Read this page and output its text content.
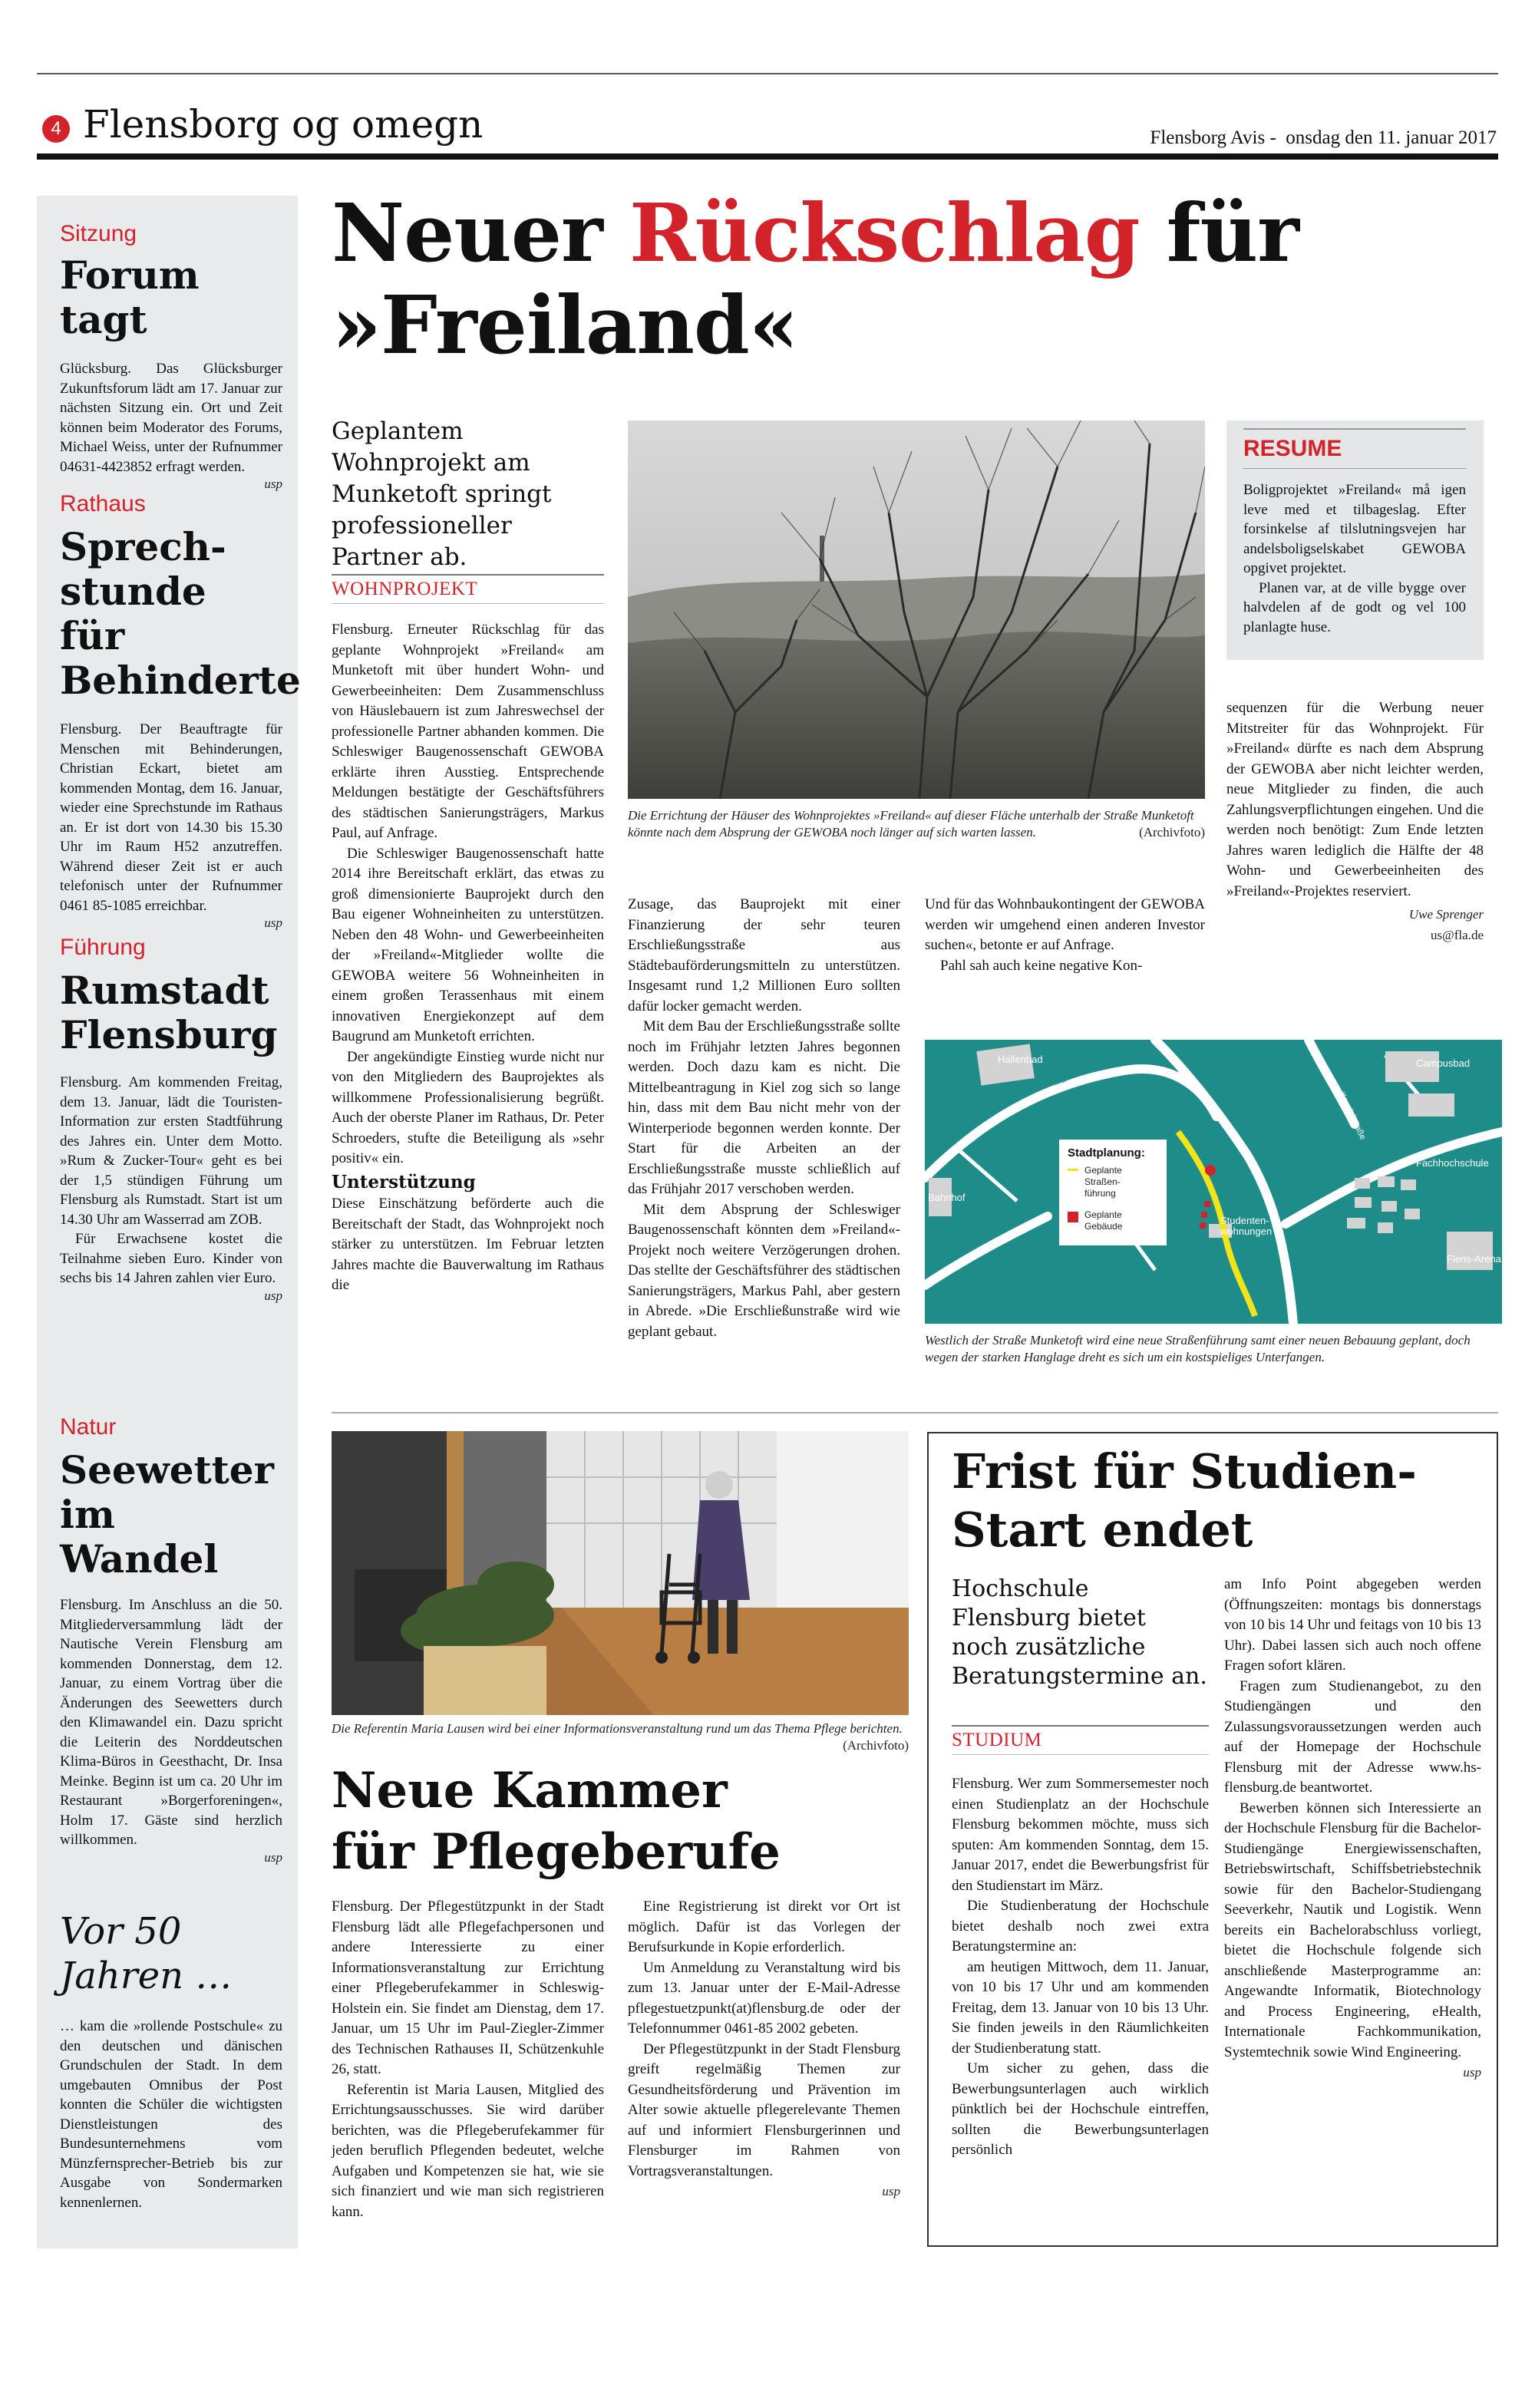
4 Flensborg og omegn	Flensborg Avis -  onsdag den 11. januar 2017
Sitzung
Forum tagt

Glücksburg. Das Glücksburger Zukunftsforum lädt am 17. Januar zur nächsten Sitzung ein. Ort und Zeit können beim Moderator des Forums, Michael Weiss, unter der Rufnummer 04631-4423852 erfragt werden.

usp
Rathaus
Sprechstunde für Behinderte

Flensburg. Der Beauftragte für Menschen mit Behinderungen, Christian Eckart, bietet am kommenden Montag, dem 16. Januar, wieder eine Sprechstunde im Rathaus an. Er ist dort von 14.30 bis 15.30 Uhr im Raum H52 anzutreffen. Während dieser Zeit ist er auch telefonisch unter der Rufnummer 0461 85-1085 erreichbar.

usp
Führung
Rumstadt Flensburg

Flensburg. Am kommenden Freitag, dem 13. Januar, lädt die Touristen-Information zur ersten Stadtführung des Jahres ein. Unter dem Motto. »Rum & Zucker-Tour« geht es bei der 1,5 stündigen Führung um Flensburg als Rumstadt. Start ist um 14.30 Uhr am Wasserrad am ZOB.

Für Erwachsene kostet die Teilnahme sieben Euro. Kinder von sechs bis 14 Jahren zahlen vier Euro.

usp
Natur
Seewetter im Wandel

Flensburg. Im Anschluss an die 50. Mitgliederversammlung lädt der Nautische Verein Flensburg am kommenden Donnerstag, dem 12. Januar, zu einem Vortrag über die Änderungen des Seewetters durch den Klimawandel ein. Dazu spricht die Leiterin des Norddeutschen Klima-Büros in Geesthacht, Dr. Insa Meinke. Beginn ist um ca. 20 Uhr im Restaurant »Borgerforeningen«, Holm 17. Gäste sind herzlich willkommen.

usp
Vor 50 Jahren …

… kam die »rollende Postschule« zu den deutschen und dänischen Grundschulen der Stadt. In dem umgebauten Omnibus der Post konnten die Schüler die wichtigsten Dienstleistungen des Bundesunternehmens vom Münzfernsprecher-Betrieb bis zur Ausgabe von Sondermarken kennenlernen.

Neuer Rückschlag für
»Freiland«
Geplantem Wohnprojekt am Munketoft springt professioneller Partner ab.
WOHNPROJEKT

Flensburg. Erneuter Rückschlag für das geplante Wohnprojekt »Freiland« am Munketoft mit über hundert Wohn- und Gewerbeeinheiten: Dem Zusammenschluss von Häuslebauern ist zum Jahreswechsel der professionelle Partner abhanden kommen. Die Schleswiger Baugenossenschaft GEWOBA erklärte ihren Ausstieg. Entsprechende Meldungen bestätigte der Geschäftsführers des städtischen Sanierungsträgers, Markus Paul, auf Anfrage.

Die Schleswiger Baugenossenschaft hatte 2014 ihre Bereitschaft erklärt, das etwas zu groß dimensionierte Bauprojekt durch den Bau eigener Wohneinheiten zu unterstützen. Neben den 48 Wohn- und Gewerbeeinheiten der »Freiland«-Mitglieder wollte die GEWOBA weitere 56 Wohneinheiten in einem großen Terassenhaus mit einem innovativen Energiekonzept auf dem Baugrund am Munketoft errichten.

Der angekündigte Einstieg wurde nicht nur von den Mitgliedern des Bauprojektes als willkommene Professionalisierung begrüßt. Auch der oberste Planer im Rathaus, Dr. Peter Schroeders, stufte die Beteiligung als »sehr positiv« ein.

Unterstützung

Diese Einschätzung beförderte auch die Bereitschaft der Stadt, das Wohnprojekt noch stärker zu unterstützen. Im Februar letzten Jahres machte die Bauverwaltung im Rathaus die

Die Errichtung der Häuser des Wohnprojektes »Freiland« auf dieser Fläche unterhalb der Straße Munketoft könnte nach dem Absprung der GEWOBA noch länger auf sich warten lassen.	(Archivfoto)

Zusage, das Bauprojekt mit einer Finanzierung der sehr teuren Erschließungsstraße aus Städtebauförderungsmitteln zu unterstützen. Insgesamt rund 1,2 Millionen Euro sollten dafür locker gemacht werden.

Mit dem Bau der Erschließungsstraße sollte noch im Frühjahr letzten Jahres begonnen werden. Doch dazu kam es nicht. Die Mittelbeantragung in Kiel zog sich so lange hin, dass mit dem Bau nicht mehr von der Winterperiode begonnen werden konnte. Der Start für die Arbeiten an der Erschließungsstraße musste schließlich auf das Frühjahr 2017 verschoben werden.

Mit dem Absprung der Schleswiger Baugenossenschaft könnten dem »Freiland«-Projekt noch weitere Verzögerungen drohen. Das stellte der Geschäftsführer des städtischen Sanierungsträgers, Markus Pahl, aber gestern in Abrede. »Die Erschließunstraße wird wie geplant gebaut.

Und für das Wohnbaukontingent der GEWOBA werden wir umgehend einen anderen Investor suchen«, betonte er auf Anfrage.

Pahl sah auch keine negative Kon-

RESUME

Boligprojektet »Freiland« må igen leve med et tilbageslag. Efter forsinkelse af tilslutningsvejen har andelsboligselskabet GEWOBA opgivet projektet.

Planen var, at de ville bygge over halvdelen af de godt og vel 100 planlagte huse.

sequenzen für die Werbung neuer Mitstreiter für das Wohnprojekt. Für »Freiland« dürfte es nach dem Absprung der GEWOBA aber nicht leichter werden, neue Mitglieder zu finden, die auch Zahlungsverpflichtungen eingehen. Und die werden noch benötigt: Zum Ende letzten Jahres waren lediglich die Hälfte der 48 Wohn- und Gewerbeeinheiten des »Freiland«-Projektes reserviert.

Uwe Sprenger
us@fla.de
Stadtplanung:
Geplante
Straßen-
führung
Geplante
Gebäude
Hallenbad	Campusbad
Bahnhof
Fachhochschule
Studenten-
wohnungen
Flens-Arena
Munketoft
Kanzleistr.
Kanzleistraße
Friedrich-Ebert-Str.
Westlich der Straße Munketoft wird eine neue Straßenführung samt einer neuen Bebauung geplant, doch wegen der starken Hanglage dreht es sich um ein kostspieliges Unterfangen.
Die Referentin Maria Lausen wird bei einer Informationsveranstaltung rund um das Thema Pflege berichten.
(Archivfoto)
Neue Kammer für Pflegeberufe

Flensburg. Der Pflegestützpunkt in der Stadt Flensburg lädt alle Pflegefachpersonen und andere Interessierte zu einer Informationsveranstaltung zur Errichtung einer Pflegeberufekammer in Schleswig-Holstein ein. Sie findet am Dienstag, dem 17. Januar, um 15 Uhr im Paul-Ziegler-Zimmer des Technischen Rathauses II, Schützenkuhle 26, statt.

Referentin ist Maria Lausen, Mitglied des Errichtungsausschusses. Sie wird darüber berichten, was die Pflegeberufekammer für jeden beruflich Pflegenden bedeutet, welche Aufgaben und Kompetenzen sie hat, wie sie sich finanziert und wie man sich registrieren kann.

Eine Registrierung ist direkt vor Ort ist möglich. Dafür ist das Vorlegen der Berufsurkunde in Kopie erforderlich.

Um Anmeldung zu Veranstaltung wird bis zum 13. Januar unter der E-Mail-Adresse pflegestuetzpunkt(at)flensburg.de oder der Telefonnummer 0461-85 2002 gebeten.

Der Pflegestützpunkt in der Stadt Flensburg greift regelmäßig Themen zur Gesundheitsförderung und Prävention im Alter sowie aktuelle pflegerelevante Themen auf und informiert Flensburgerinnen und Flensburger im Rahmen von Vortragsveranstaltungen.

usp
Frist für Studien-Start endet
Hochschule Flensburg bietet noch zusätzliche Beratungstermine an.
STUDIUM

Flensburg. Wer zum Sommersemester noch einen Studienplatz an der Hochschule Flensburg bekommen möchte, muss sich sputen: Am kommenden Sonntag, dem 15. Januar 2017, endet die Bewerbungsfrist für den Studienstart im März.

Die Studienberatung der Hochschule bietet deshalb noch zwei extra Beratungstermine an:

am heutigen Mittwoch, dem 11. Januar, von 10 bis 17 Uhr und am kommenden Freitag, dem 13. Januar von 10 bis 13 Uhr. Sie finden jeweils in den Räumlichkeiten der Studienberatung statt.

Um sicher zu gehen, dass die Bewerbungsunterlagen auch wirklich pünktlich bei der Hochschule eintreffen, sollten die Bewerbungsunterlagen persönlich

am Info Point abgegeben werden (Öffnungszeiten: montags bis donnerstags von 10 bis 14 Uhr und feitags von 10 bis 13 Uhr). Dabei lassen sich auch noch offene Fragen sofort klären.

Fragen zum Studienangebot, zu den Studiengängen und den Zulassungsvoraussetzungen werden auch auf der Homepage der Hochschule Flensburg mit der Adresse www.hs-flensburg.de beantwortet.

Bewerben können sich Interessierte an der Hochschule Flensburg für die Bachelor-Studiengänge Energiewissenschaften, Betriebswirtschaft, Schiffsbetriebstechnik sowie für den Bachelor-Studiengang Seeverkehr, Nautik und Logistik. Wenn bereits ein Bachelorabschluss vorliegt, bietet die Hochschule folgende sich anschließende Masterprogramme an: Angewandte Informatik, Biotechnology and Process Engineering, eHealth, Internationale Fachkommunikation, Systemtechnik sowie Wind Engineering.

usp
